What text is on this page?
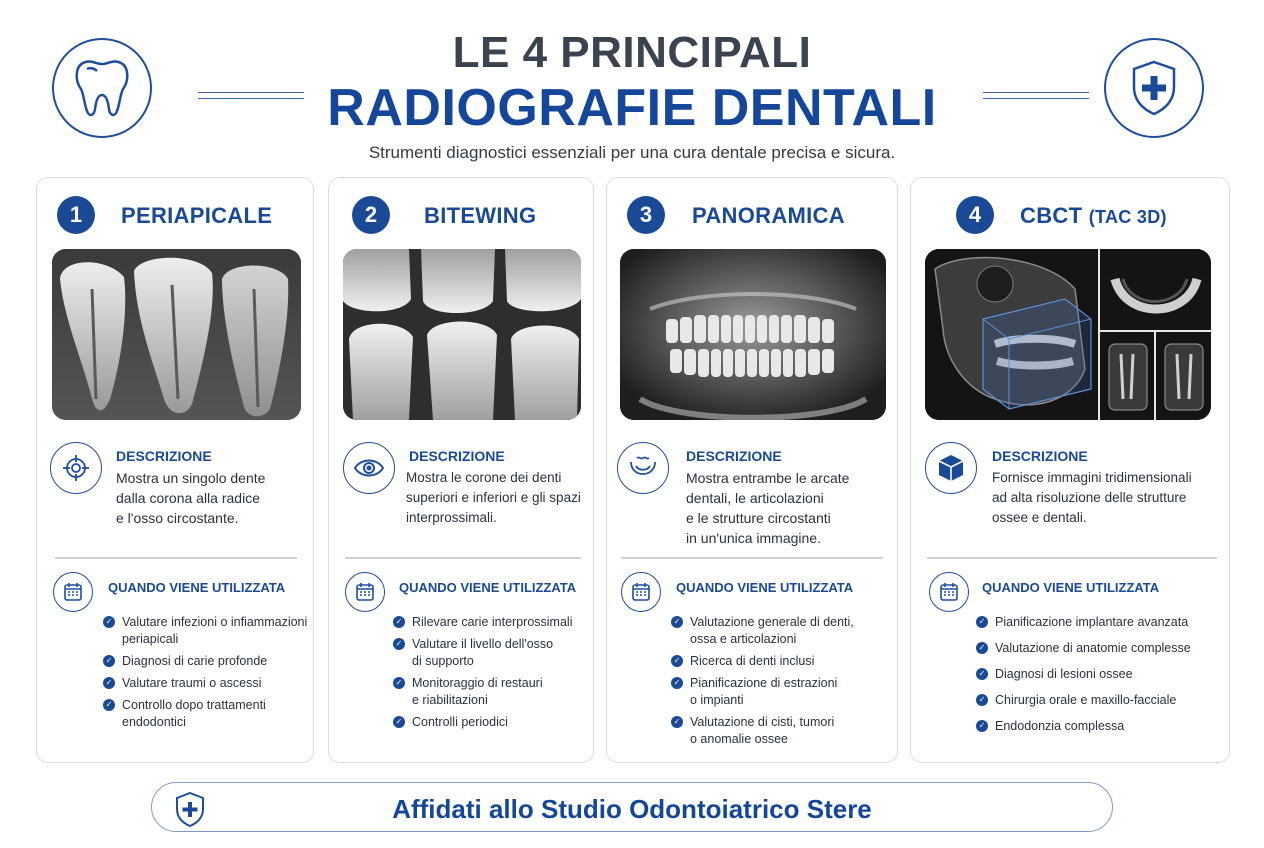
LE 4 PRINCIPALI
RADIOGRAFIE DENTALI
Strumenti diagnostici essenziali per una cura dentale precisa e sicura.
1	PERIAPICALE
DESCRIZIONE
Mostra un singolo dente
dalla corona alla radice
e l'osso circostante.
QUANDO VIENE UTILIZZATA
✓ Valutare infezioni o infiammazioni
periapicali
✓ Diagnosi di carie profonde
✓ Valutare traumi o ascessi
✓ Controllo dopo trattamenti
endodontici
2	BITEWING
DESCRIZIONE
Mostra le corone dei denti
superiori e inferiori e gli spazi
interprossimali.
QUANDO VIENE UTILIZZATA
✓ Rilevare carie interprossimali
✓ Valutare il livello dell'osso
di supporto
✓ Monitoraggio di restauri
e riabilitazioni
✓ Controlli periodici
3	PANORAMICA
DESCRIZIONE
Mostra entrambe le arcate
dentali, le articolazioni
e le strutture circostanti
in un'unica immagine.
QUANDO VIENE UTILIZZATA
✓ Valutazione generale di denti,
ossa e articolazioni
✓ Ricerca di denti inclusi
✓ Pianificazione di estrazioni
o impianti
✓ Valutazione di cisti, tumori
o anomalie ossee
4	CBCT (TAC 3D)
DESCRIZIONE
Fornisce immagini tridimensionali
ad alta risoluzione delle strutture
ossee e dentali.
QUANDO VIENE UTILIZZATA
✓ Pianificazione implantare avanzata
✓ Valutazione di anatomie complesse
✓ Diagnosi di lesioni ossee
✓ Chirurgia orale e maxillo-facciale
✓ Endodonzia complessa
Affidati allo Studio Odontoiatrico Stere
